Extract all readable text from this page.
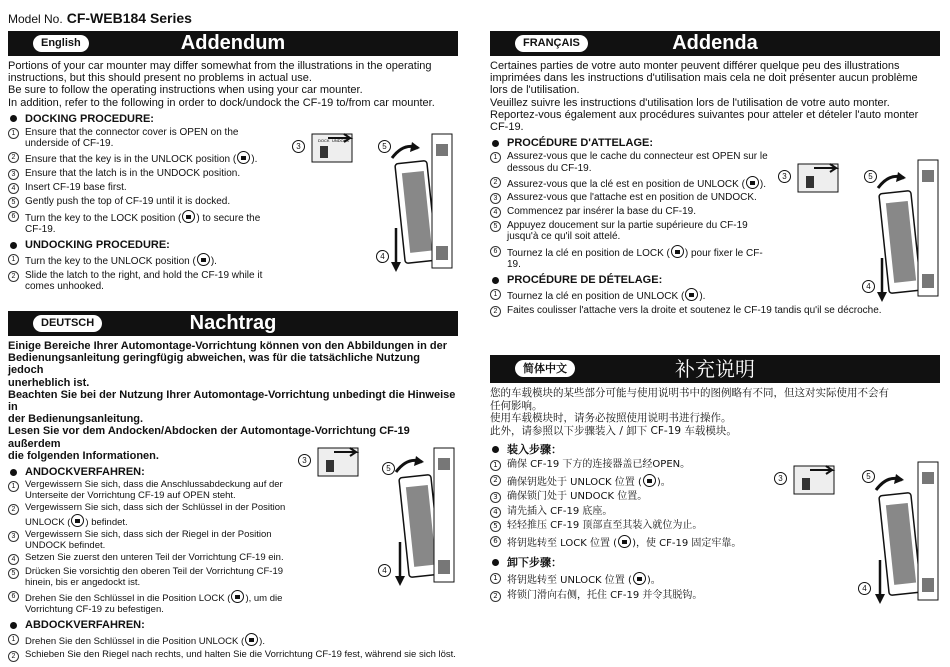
Model No. CF-WEB184 Series
English	Addendum
Portions of your car mounter may differ somewhat from the illustrations in the operating
instructions, but this should present no problems in actual use.
Be sure to follow the operating instructions when using your car mounter.
In addition, refer to the following in order to dock/undock the CF-19 to/from car mounter.
DOCKING PROCEDURE:
1 Ensure that the connector cover is OPEN on the underside of CF-19.
2 Ensure that the key is in the UNLOCK position ( ).
3 Ensure that the latch is in the UNDOCK position.
4 Insert CF-19 base first.
5 Gently push the top of CF-19 until it is docked.
6 Turn the key to the LOCK position ( ) to secure the CF-19.
UNDOCKING PROCEDURE:
1 Turn the key to the UNLOCK position ( ).
2 Slide the latch to the right, and hold the CF-19 while it comes unhooked.
DEUTSCH	Nachtrag
Einige Bereiche Ihrer Automontage-Vorrichtung können von den Abbildungen in der
Bedienungsanleitung geringfügig abweichen, was für die tatsächliche Nutzung jedoch
unerheblich ist.
Beachten Sie bei der Nutzung Ihrer Automontage-Vorrichtung unbedingt die Hinweise in
der Bedienungsanleitung.
Lesen Sie vor dem Andocken/Abdocken der Automontage-Vorrichtung CF-19 außerdem
die folgenden Informationen.
ANDOCKVERFAHREN:
1	Vergewissern Sie sich, dass die Anschlussabdeckung auf der Unterseite der Vorrichtung CF-19 auf OPEN steht.
2	Vergewissern Sie sich, dass sich der Schlüssel in der Position UNLOCK ( ) befindet.
3	Vergewissern Sie sich, dass sich der Riegel in der Position UNDOCK befindet.
4	Setzen Sie zuerst den unteren Teil der Vorrichtung CF-19 ein.
5	Drücken Sie vorsichtig den oberen Teil der Vorrichtung CF-19 hinein, bis er angedockt ist.
6	Drehen Sie den Schlüssel in die Position LOCK ( ), um die Vorrichtung CF-19 zu befestigen.
ABDOCKVERFAHREN:
1	Drehen Sie den Schlüssel in die Position UNLOCK ( ).
2	Schieben Sie den Riegel nach rechts, und halten Sie die Vorrichtung CF-19 fest, während sie sich löst.
FRANÇAIS	Addenda
Certaines parties de votre auto monter peuvent différer quelque peu des illustrations
imprimées dans les instructions d'utilisation mais cela ne doit présenter aucun problème
lors de l'utilisation.
Veuillez suivre les instructions d'utilisation lors de l'utilisation de votre auto monter.
Reportez-vous également aux procédures suivantes pour atteler et dételer l'auto monter
CF-19.
PROCÉDURE D'ATTELAGE:
1 Assurez-vous que le cache du connecteur est OPEN sur le dessous du CF-19.
2 Assurez-vous que la clé est en position de UNLOCK ( ).
3 Assurez-vous que l'attache est en position de UNDOCK.
4 Commencez par insérer la base du CF-19.
5 Appuyez doucement sur la partie supérieure du CF-19 jusqu'à ce qu'il soit attelé.
6 Tournez la clé en position de LOCK ( ) pour fixer le CF-19.
PROCÉDURE DE DÉTELAGE:
1 Tournez la clé en position de UNLOCK ( ).
2 Faites coulisser l'attache vers la droite et soutenez le CF-19 tandis qu'il se décroche.
简体中文	补充说明
您的车载模块的某些部分可能与使用说明书中的图例略有不同，但这对实际使用不会有
任何影响。
使用车载模块时，请务必按照使用说明书进行操作。
此外，请参照以下步骤装入 / 卸下 CF-19 车载模块。
装入步骤：
1 确保 CF-19 下方的连接器盖已经OPEN。
2 确保钥匙处于 UNLOCK 位置 ( )。
3 确保锁门处于 UNDOCK 位置。
4 请先插入 CF-19 底座。
5 轻轻推压 CF-19 顶部直至其装入就位为止。
6 将钥匙转至 LOCK 位置 ( )，使 CF-19 固定牢靠。
卸下步骤：
1 将钥匙转至 UNLOCK 位置 ( )。
2 将锁门滑向右侧，托住 CF-19 并令其脱钩。
3	5
4
DOCK UNDOCK
3
5
4
3	5
4
3	5
4
